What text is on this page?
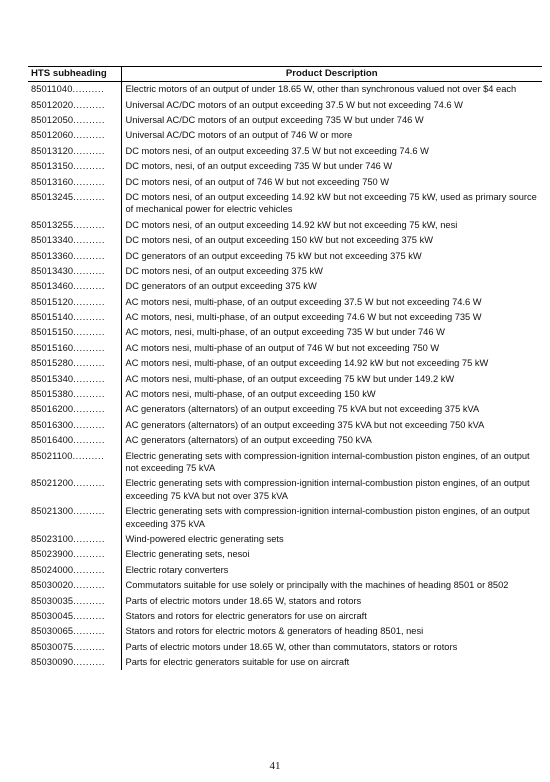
HTS subheading	Product Description
85011040..........	Electric motors of an output of under 18.65 W, other than synchronous valued not over $4 each
85012020..........	Universal AC/DC motors of an output exceeding 37.5 W but not exceeding 74.6 W
85012050..........	Universal AC/DC motors of an output exceeding 735 W but under 746 W
85012060..........	Universal AC/DC motors of an output of 746 W or more
85013120..........	DC motors nesi, of an output exceeding 37.5 W but not exceeding 74.6 W
85013150..........	DC motors, nesi, of an output exceeding 735 W but under 746 W
85013160..........	DC motors nesi, of an output of 746 W but not exceeding 750 W
85013245..........	DC motors nesi, of an output exceeding 14.92 kW but not exceeding 75 kW, used as primary source of mechanical power for electric vehicles
85013255..........	DC motors nesi, of an output exceeding 14.92 kW but not exceeding 75 kW, nesi
85013340..........	DC motors nesi, of an output exceeding 150 kW but not exceeding 375 kW
85013360..........	DC generators of an output exceeding 75 kW but not exceeding 375 kW
85013430..........	DC motors nesi, of an output exceeding 375 kW
85013460..........	DC generators of an output exceeding 375 kW
85015120..........	AC motors nesi, multi-phase, of an output exceeding 37.5 W but not exceeding 74.6 W
85015140..........	AC motors, nesi, multi-phase, of an output exceeding 74.6 W but not exceeding 735 W
85015150..........	AC motors, nesi, multi-phase, of an output exceeding 735 W but under 746 W
85015160..........	AC motors nesi, multi-phase of an output of 746 W but not exceeding 750 W
85015280..........	AC motors nesi, multi-phase, of an output exceeding 14.92 kW but not exceeding 75 kW
85015340..........	AC motors nesi, multi-phase, of an output exceeding 75 kW but under 149.2 kW
85015380..........	AC motors nesi, multi-phase, of an output exceeding 150 kW
85016200..........	AC generators (alternators) of an output exceeding 75 kVA but not exceeding 375 kVA
85016300..........	AC generators (alternators) of an output exceeding 375 kVA but not exceeding 750 kVA
85016400..........	AC generators (alternators) of an output exceeding 750 kVA
85021100..........	Electric generating sets with compression-ignition internal-combustion piston engines, of an output not exceeding 75 kVA
85021200..........	Electric generating sets with compression-ignition internal-combustion piston engines, of an output exceeding 75 kVA but not over 375 kVA
85021300..........	Electric generating sets with compression-ignition internal-combustion piston engines, of an output exceeding 375 kVA
85023100..........	Wind-powered electric generating sets
85023900..........	Electric generating sets, nesoi
85024000..........	Electric rotary converters
85030020..........	Commutators suitable for use solely or principally with the machines of heading 8501 or 8502
85030035..........	Parts of electric motors under 18.65 W, stators and rotors
85030045..........	Stators and rotors for electric generators for use on aircraft
85030065..........	Stators and rotors for electric motors & generators of heading 8501, nesi
85030075..........	Parts of electric motors under 18.65 W, other than commutators, stators or rotors
85030090..........	Parts for electric generators suitable for use on aircraft
41
